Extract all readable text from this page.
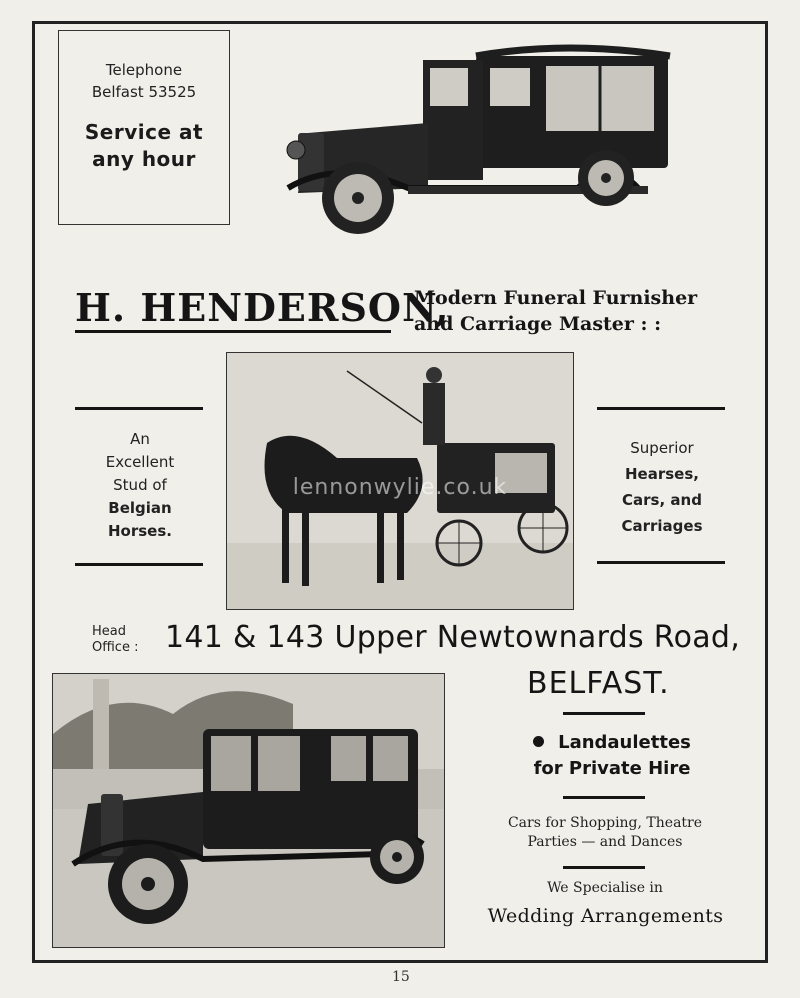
Telephone
Belfast 53525
Service at
any hour
H. HENDERSON,
Modern Funeral Furnisher
and Carriage Master : :
An
Excellent
Stud of
Belgian
Horses.
lennonwylie.co.uk
Superior
Hearses,
Cars, and
Carriages
Head
Office : 141 & 143 Upper Newtownards Road,
BELFAST.
Landaulettes
for Private Hire
Cars for Shopping, Theatre
Parties — and Dances
We Specialise in
Wedding Arrangements
15
